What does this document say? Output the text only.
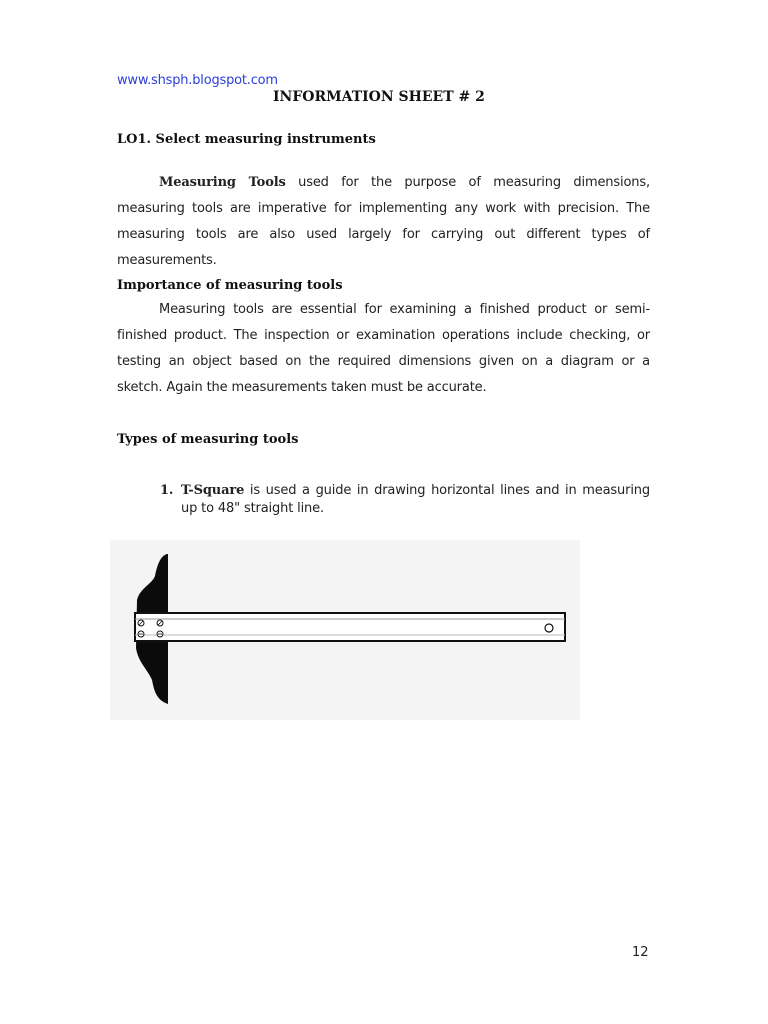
www.shsph.blogspot.com
INFORMATION SHEET # 2
LO1. Select measuring instruments
Measuring Tools used for the purpose of measuring dimensions, measuring tools are imperative for implementing any work with precision. The measuring tools are also used largely for carrying out different types of measurements.
Importance of measuring tools
Measuring tools are essential for examining a finished product or semi- finished product. The inspection or examination operations include checking, or testing an object based on the required dimensions given on a diagram or a sketch. Again the measurements taken must be accurate.
Types of measuring tools
1. T-Square is used a guide in drawing horizontal lines and in measuring up to 48" straight line.
12
